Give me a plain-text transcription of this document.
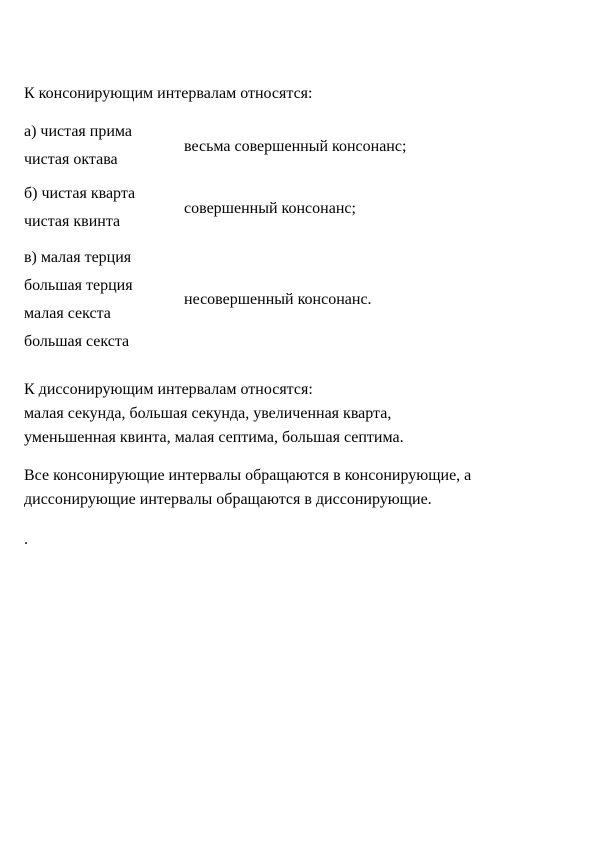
К консонирующим интервалам относятся:
а) чистая прима
чистая октава
весьма совершенный консонанс;
б) чистая кварта
чистая квинта
совершенный консонанс;
в) малая терция
большая терция
малая секста
большая секста
несовершенный консонанс.
К диссонирующим интервалам относятся:
малая секунда, большая секунда, увеличенная кварта,
уменьшенная квинта, малая септима, большая септима.
Все консонирующие интервалы обращаются в консонирующие, а
диссонирующие интервалы обращаются в диссонирующие.
.
